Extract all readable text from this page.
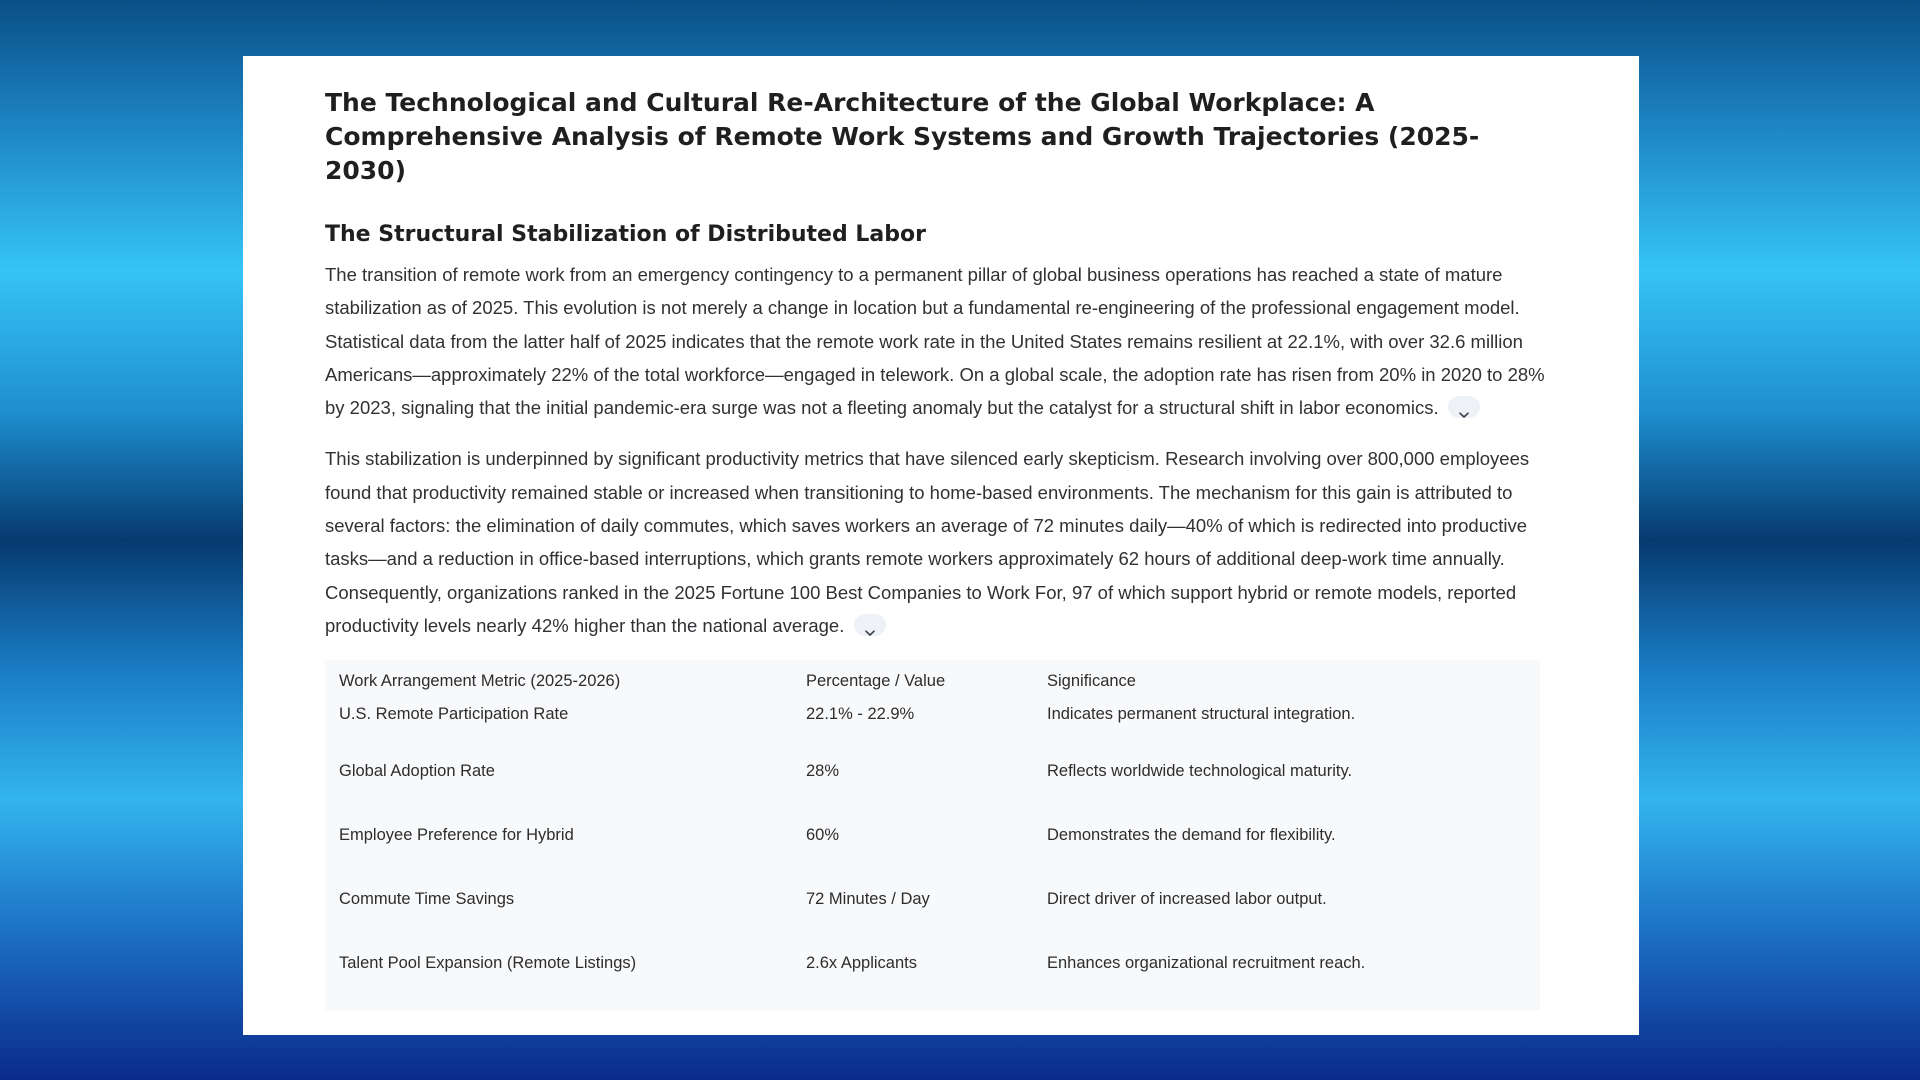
The Technological and Cultural Re-Architecture of the Global Workplace: A Comprehensive Analysis of Remote Work Systems and Growth Trajectories (2025-2030)
The Structural Stabilization of Distributed Labor

The transition of remote work from an emergency contingency to a permanent pillar of global business operations has reached a state of mature stabilization as of 2025. This evolution is not merely a change in location but a fundamental re-engineering of the professional engagement model. Statistical data from the latter half of 2025 indicates that the remote work rate in the United States remains resilient at 22.1%, with over 32.6 million Americans—approximately 22% of the total workforce—engaged in telework. On a global scale, the adoption rate has risen from 20% in 2020 to 28% by 2023, signaling that the initial pandemic-era surge was not a fleeting anomaly but the catalyst for a structural shift in labor economics.

This stabilization is underpinned by significant productivity metrics that have silenced early skepticism. Research involving over 800,000 employees found that productivity remained stable or increased when transitioning to home-based environments. The mechanism for this gain is attributed to several factors: the elimination of daily commutes, which saves workers an average of 72 minutes daily—40% of which is redirected into productive tasks—and a reduction in office-based interruptions, which grants remote workers approximately 62 hours of additional deep-work time annually. Consequently, organizations ranked in the 2025 Fortune 100 Best Companies to Work For, 97 of which support hybrid or remote models, reported productivity levels nearly 42% higher than the national average.

Work Arrangement Metric (2025-2026)	Percentage / Value	Significance
U.S. Remote Participation Rate	22.1% - 22.9%	Indicates permanent structural integration.
Global Adoption Rate	28%	Reflects worldwide technological maturity.
Employee Preference for Hybrid	60%	Demonstrates the demand for flexibility.
Commute Time Savings	72 Minutes / Day	Direct driver of increased labor output.
Talent Pool Expansion (Remote Listings)	2.6x Applicants	Enhances organizational recruitment reach.
